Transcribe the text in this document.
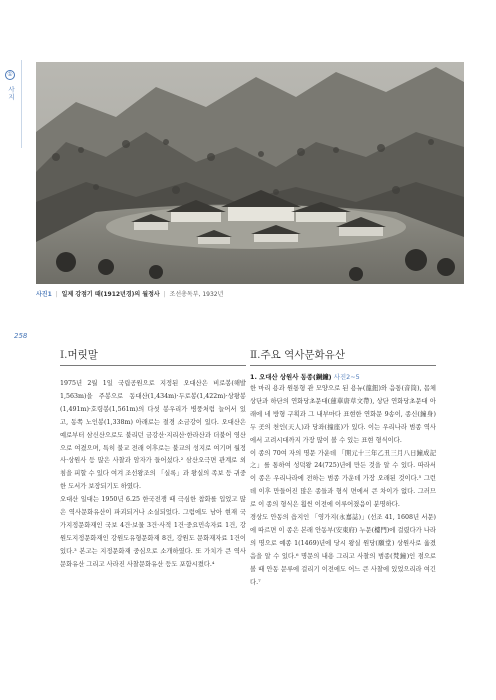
①
사지
사진1 | 일제 강점기 때(1912년경)의 월정사 | 조선총독부, 1932년
258
Ⅰ.머릿말

1975년 2월 1일 국립공원으로 지정된 오대산은 비로봉(해발 1,563m)을 주봉으로 동대산(1,434m)·두로봉(1,422m)·상왕봉(1,491m)·호령봉(1,561m)의 다섯 봉우리가 병풍처럼 늘어서 있고, 동쪽 노인봉(1,338m) 아래로는 절경 소금강이 있다. 오대산은 예로부터 삼신산으로도 불리던 금강산·지리산·한라산과 더불어 영산으로 여겼으며, 특히 불교 전래 이후로는 불교의 성지로 여기며 월정사·상원사 등 많은 사찰과 암자가 들어섰다.² 삼산오극면 관계로 외침을 피할 수 있다 여겨 조선왕조의 「실록」과 왕실의 족보 등 귀중한 도서가 보장되기도 하였다.

오대산 일대는 1950년 6.25 한국전쟁 때 극심한 참화를 입었고 많은 역사문화유산이 파괴되거나 소실되었다. 그럼에도 남아 현재 국가지정문화재인 국보 4건·보물 3건·사적 1건·중요민속자료 1건, 강원도지정문화재인 강원도유형문화재 8건, 강원도 문화재자료 1건이 있다.³ 본고는 지정문화재 중심으로 소개하였다. 또 가치가 큰 역사문화유산 그리고 사라진 사찰문화유산 등도 포함시켰다.⁴

Ⅱ.주요 역사문화유산
1. 오대산 상원사 동종(銅鐘) 사진2~5

한 마리 용과 원통형 관 모양으로 된 용뉴(龍鈕)와 음통(音筒), 몸체 상단과 하단의 연화당초문대(蓮華唐草文帶), 상단 연화당초문대 아래에 네 방형 구획과 그 내부마다 표현한 연화문 9송이, 종신(鐘身) 두 곳의 천인(天人)과 당좌(撞座)가 있다. 이는 우리나라 범종 역사에서 고려시대까지 가장 많이 볼 수 있는 표현 형식이다.

이 종의 70여 자의 명문 가운데 「開元十三年乙丑三月八日鐘成記之」를 통하여 성덕왕 24(725)년에 만든 것을 알 수 있다. 따라서 이 종은 우리나라에 전하는 범종 가운데 가장 오래된 것이다.⁵ 그런데 이후 만들어진 많은 종들과 형식 면에서 큰 차이가 없다. 그러므로 이 종의 형식은 훨씬 이전에 이루어졌음이 분명하다.

경상도 안동의 읍지인 「영가지(永嘉誌)」(선조 41, 1608년 서문)에 따르면 이 종은 본래 안동부(安東府) 누문(樓門)에 걸렸다가 나라의 명으로 예종 1(1469)년에 당시 왕실 원당(願堂) 상원사로 옮겼음을 알 수 있다.⁶ 명문의 내용 그리고 사찰의 범종(梵鐘)인 점으로 볼 때 안동 문루에 걸리기 이전에도 어느 큰 사찰에 있었으리라 여긴다.⁷
